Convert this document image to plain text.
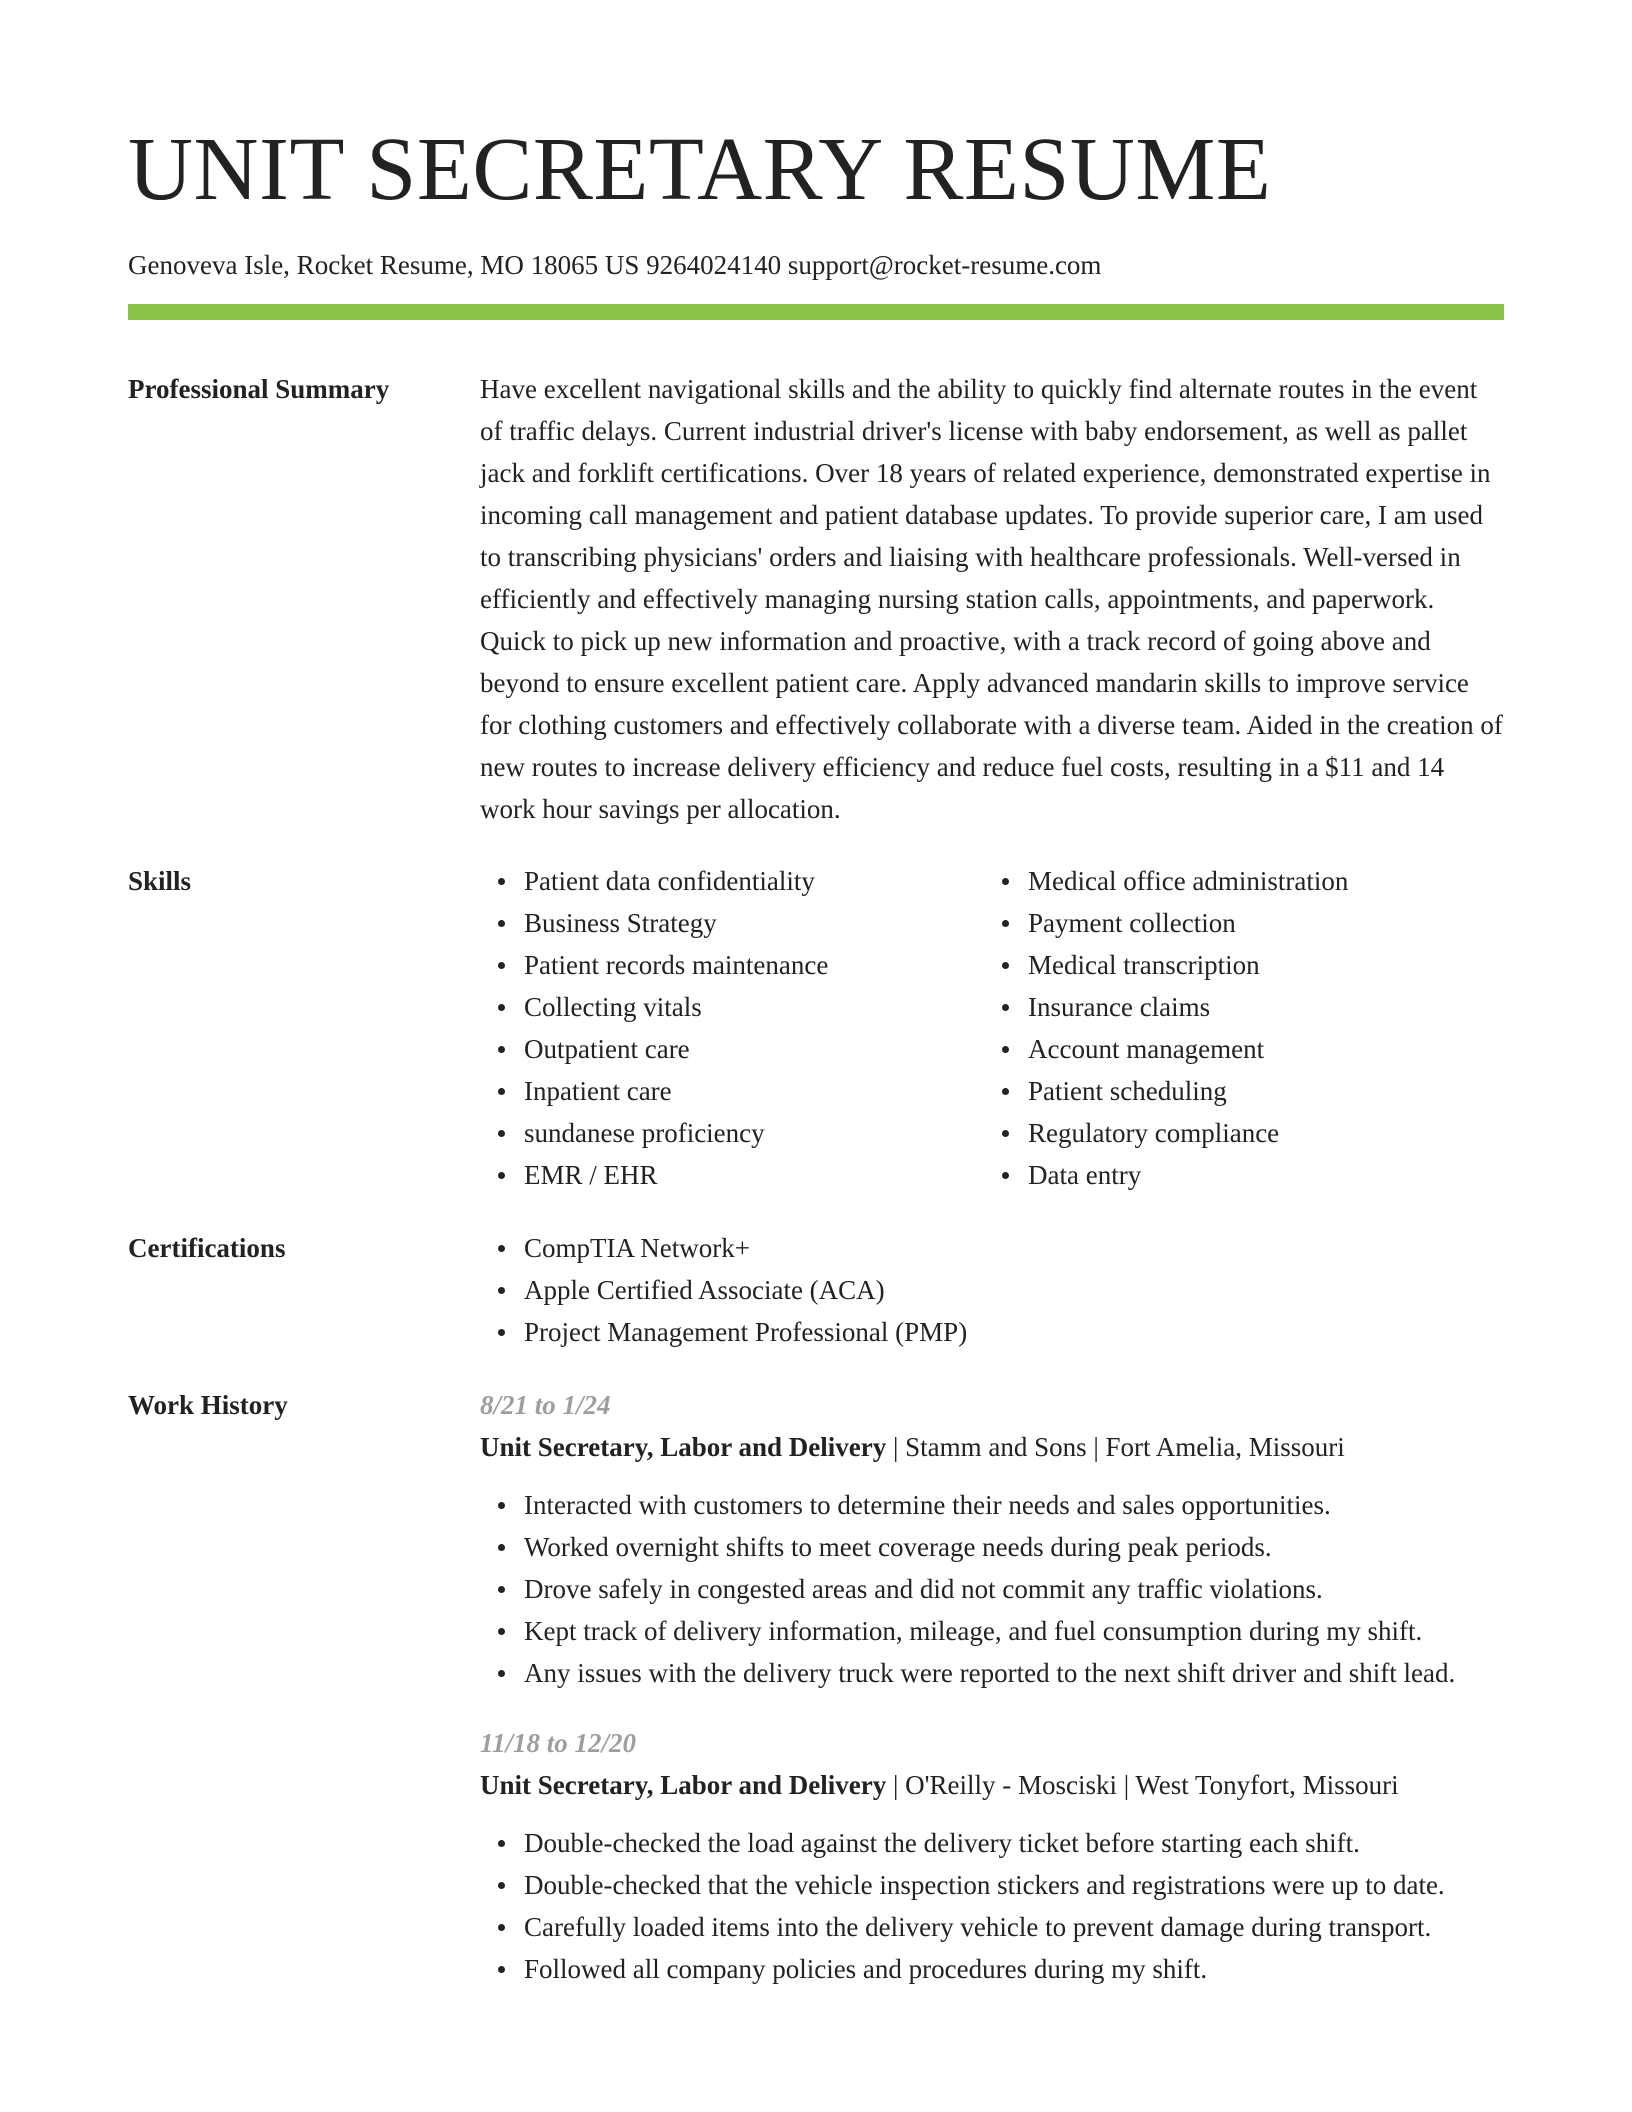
UNIT SECRETARY RESUME
Genoveva Isle, Rocket Resume, MO 18065 US 9264024140 support@rocket-resume.com
Professional Summary	Have excellent navigational skills and the ability to quickly find alternate routes in the event of traffic delays. Current industrial driver's license with baby endorsement, as well as pallet jack and forklift certifications. Over 18 years of related experience, demonstrated expertise in incoming call management and patient database updates. To provide superior care, I am used to transcribing physicians' orders and liaising with healthcare professionals. Well-versed in efficiently and effectively managing nursing station calls, appointments, and paperwork. Quick to pick up new information and proactive, with a track record of going above and beyond to ensure excellent patient care. Apply advanced mandarin skills to improve service for clothing customers and effectively collaborate with a diverse team. Aided in the creation of new routes to increase delivery efficiency and reduce fuel costs, resulting in a $11 and 14 work hour savings per allocation.

Skills	Patient data confidentiality
Business Strategy
Patient records maintenance
Collecting vitals
Outpatient care
Inpatient care
sundanese proficiency
EMR / EHR
Medical office administration
Payment collection
Medical transcription
Insurance claims
Account management
Patient scheduling
Regulatory compliance
Data entry
Certifications	CompTIA Network+
Apple Certified Associate (ACA)
Project Management Professional (PMP)
Work History	8/21 to 1/24
Unit Secretary, Labor and Delivery | Stamm and Sons | Fort Amelia, Missouri
Interacted with customers to determine their needs and sales opportunities.
Worked overnight shifts to meet coverage needs during peak periods.
Drove safely in congested areas and did not commit any traffic violations.
Kept track of delivery information, mileage, and fuel consumption during my shift.
Any issues with the delivery truck were reported to the next shift driver and shift lead.
11/18 to 12/20
Unit Secretary, Labor and Delivery | O'Reilly - Mosciski | West Tonyfort, Missouri
Double-checked the load against the delivery ticket before starting each shift.
Double-checked that the vehicle inspection stickers and registrations were up to date.
Carefully loaded items into the delivery vehicle to prevent damage during transport.
Followed all company policies and procedures during my shift.
